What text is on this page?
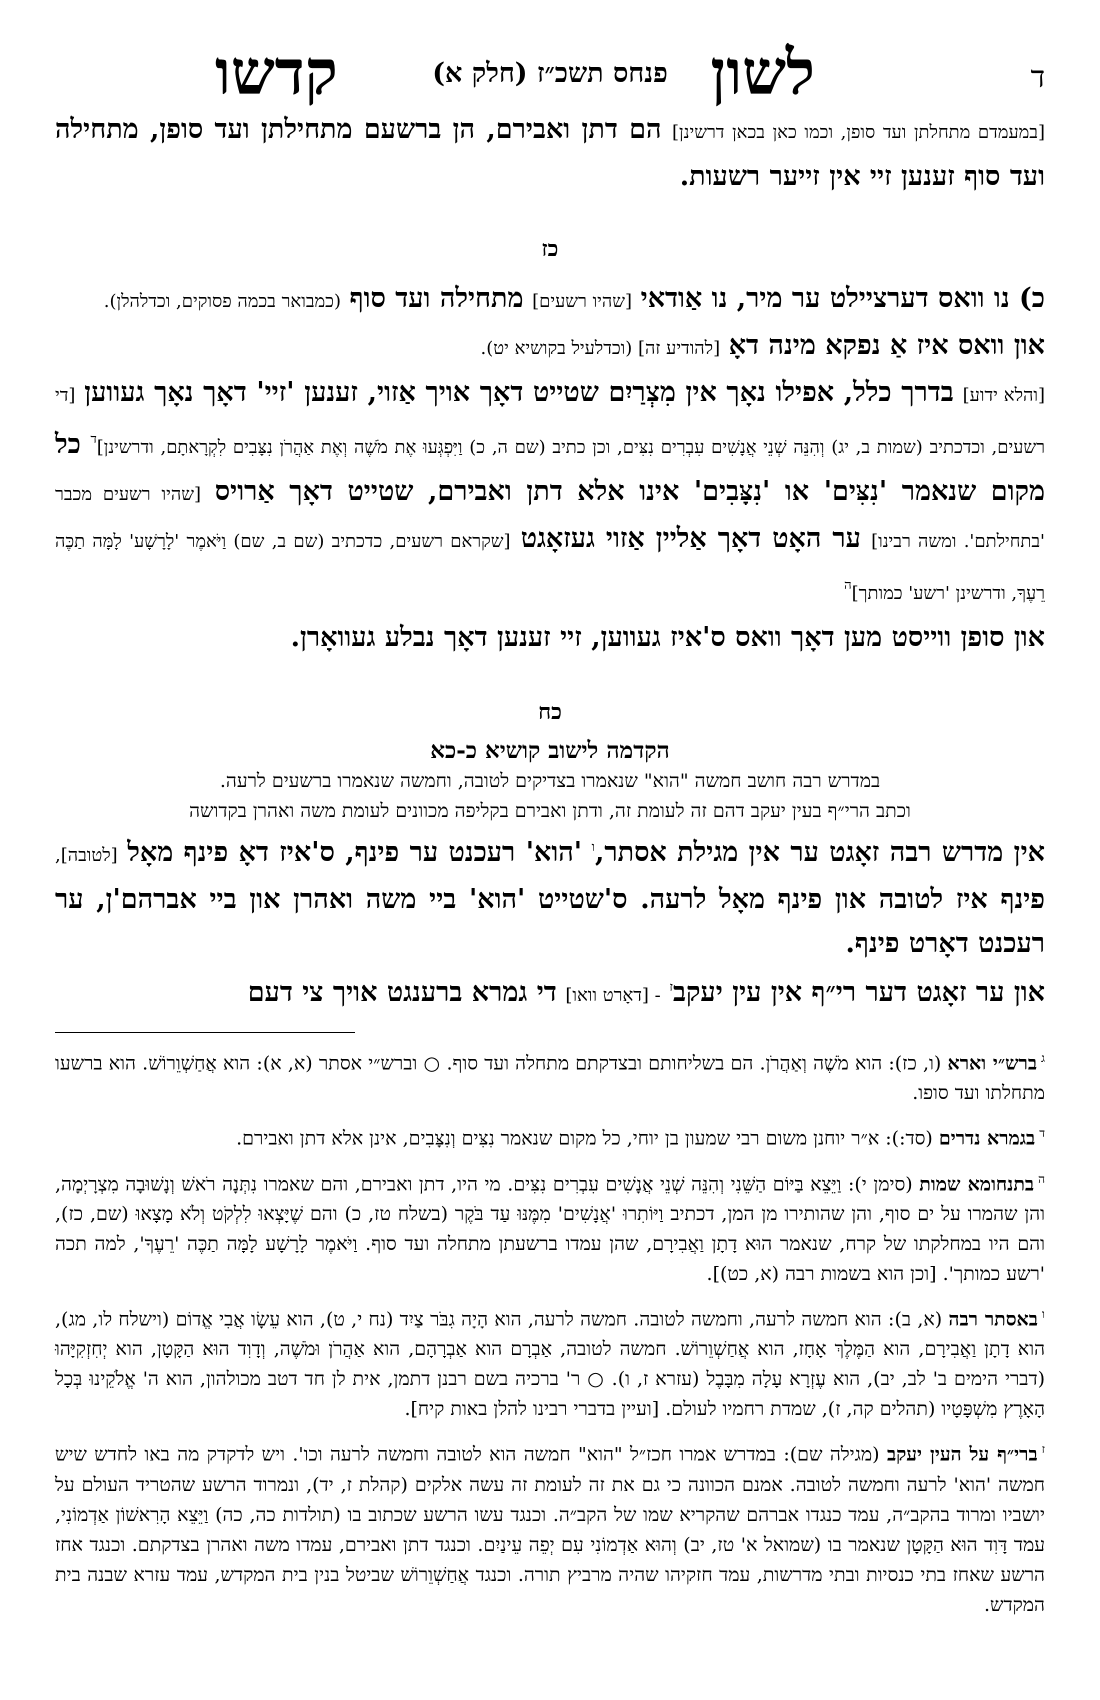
ד
לשון
פנחס תשכ״ז (חלק א)
קדשו

[במעמדם מתחלתן ועד סופן, וכמו כאן בכאן דרשינן] הם דתן ואבירם, הן ברשעם מתחילתן ועד סופן, מתחילה ועד סוף זענען זיי אין זייער רשעות.

כז

כ) נו וואס דערציילט ער מיר, נו אַודאי [שהיו רשעים] מתחילה ועד סוף (כמבואר בכמה פסוקים, וכדלהלן).

און וואס איז אַ נפקא מינה דאָ [להודיע זה] (וכדלעיל בקושיא יט).

[והלא ידוע] בדרך כלל, אפילו נאָך אין מִצְרַיִם שטייט דאָך אויך אַזוי, זענען 'זיי' דאָך נאָך געווען [די רשעים, וכדכתיב (שמות ב, יג) וְהִנֵּה שְׁנֵי אֲנָשִׁים עִבְרִים נִצִּים, וכן כתיב (שם ה, כ) וַיִּפְגְּעוּ אֶת מֹשֶׁה וְאֶת אַהֲרֹן נִצָּבִים לִקְרָאתָם, ודרשינן]$^ד$ כל מקום שנאמר 'נִצִּים' או 'נִצָּבִים' אינו אלא דתן ואבירם, שטייט דאָך אַרויס [שהיו רשעים מכבר 'בתחילתם'. ומשה רבינו] ער האָט דאָך אַליין אַזוי געזאָגט [שקראם רשעים, כדכתיב (שם ב, שם) וַיֹּאמֶר 'לָרָשָׁע' לָמָּה תַכֶּה רֵעֶךָ, ודרשינן 'רשע' כמותך]$^ה$

און סופן ווייסט מען דאָך וואס ס'איז געווען, זיי זענען דאָך נבלע געוואָרן.

כח
הקדמה לישוב קושיא כ-כא
במדרש רבה חושב חמשה "הוא" שנאמרו בצדיקים לטובה, וחמשה שנאמרו ברשעים לרעה.
וכתב הרי״ף בעין יעקב דהם זה לעומת זה, ודתן ואבירם בקליפה מכוונים לעומת משה ואהרן בקדושה

אין מדרש רבה זאָגט ער אין מגילת אסתר,$^ו$ 'הוא' רעכנט ער פינף, ס'איז דאָ פינף מאָל [לטובה], פינף איז לטובה און פינף מאָל לרעה. ס'שטייט 'הוא' ביי משה ואהרן און ביי אברהם'ן, ער רעכנט דאָרט פינף.

און ער זאָגט דער רי״ף אין עין יעקב$^ז$ - [דאָרט וואו] די גמרא ברענגט אויך צי דעם

$^ג$ברש״י וארא (ו, כז): הוא מֹשֶׁה וְאַהֲרֹן. הם בשליחותם ובצדקתם מתחלה ועד סוף. ○ וברש״י אסתר (א, א): הוא אֲחַשְׁוֵרוֹשׁ. הוא ברשעו מתחלתו ועד סופו.

$^ד$בגמרא נדרים (סד:): א״ר יוחנן משום רבי שמעון בן יוחי, כל מקום שנאמר נִצִּים וְנִצָּבִים, אינן אלא דתן ואבירם.

$^ה$בתנחומא שמות (סימן י): וַיֵּצֵא בַּיּוֹם הַשֵּׁנִי וְהִנֵּה שְׁנֵי אֲנָשִׁים עִבְרִים נִצִּים. מי היו, דתן ואבירם, והם שאמרו נִתְּנָה רֹאשׁ וְנָשׁוּבָה מִצְרָיְמָה, והן שהמרו על ים סוף, והן שהותירו מן המן, דכתיב וַיּוֹתִרוּ 'אֲנָשִׁים' מִמֶּנּוּ עַד בֹּקֶר (בשלח טז, כ) והם שֶׁיָּצְאוּ לִלְקֹט וְלֹא מָצָאוּ (שם, כז), והם היו במחלקתו של קרח, שנאמר הוּא דָתָן וַאֲבִירָם, שהן עמדו ברשעתן מתחלה ועד סוף. וַיֹּאמֶר לָרָשָׁע לָמָּה תַכֶּה 'רֵעֶךָ', למה תכה 'רשע כמותך'. [וכן הוא בשמות רבה (א, כט)].

$^ו$באסתר רבה (א, ב): הוא חמשה לרעה, וחמשה לטובה. חמשה לרעה, הוא הָיָה גִבֹּר צַיִד (נח י, ט), הוא עֵשָׂו אֲבִי אֱדוֹם (וישלח לו, מג), הוא דָתָן וַאֲבִירָם, הוא הַמֶּלֶךְ אָחָז, הוא אֲחַשְׁוֵרוֹשׁ. חמשה לטובה, אַבְרָם הוא אַבְרָהָם, הוא אַהֲרֹן וּמֹשֶׁה, וְדָוִד הוּא הַקָּטָן, הוא יְחִזְקִיָּהוּ (דברי הימים ב' לב, יב), הוא עֶזְרָא עָלָה מִבָּבֶל (עזרא ז, ו). ○ ר' ברכיה בשם רבנן דתמן, אית לן חד דטב מכולהון, הוא ה' אֱלֹקֵינוּ בְּכָל הָאָרֶץ מִשְׁפָּטָיו (תהלים קה, ז), שמדת רחמיו לעולם. [ועיין בדברי רבינו להלן באות קיח].

$^ז$ברי״ף על העין יעקב (מגילה שם): במדרש אמרו חכז״ל "הוא" חמשה הוא לטובה וחמשה לרעה וכו'. ויש לדקדק מה באו לחדש שיש חמשה 'הוא' לרעה וחמשה לטובה. אמנם הכוונה כי גם את זה לעומת זה עשה אלקים (קהלת ז, יד), ונמרוד הרשע שהטריד העולם על יושביו ומרוד בהקב״ה, עמד כנגדו אברהם שהקריא שמו של הקב״ה. וכנגד עשו הרשע שכתוב בו (תולדות כה, כה) וַיֵּצֵא הָרִאשׁוֹן אַדְמוֹנִי, עמד דָּוִד הוּא הַקָּטָן שנאמר בו (שמואל א' טז, יב) וְהוּא אַדְמוֹנִי עִם יְפֵה עֵינַיִם. וכנגד דתן ואבירם, עמדו משה ואהרן בצדקתם. וכנגד אחז הרשע שאחז בתי כנסיות ובתי מדרשות, עמד חזקיהו שהיה מרביץ תורה. וכנגד אֲחַשְׁוֵרוֹשׁ שביטל בנין בית המקדש, עמד עזרא שבנה בית המקדש.
